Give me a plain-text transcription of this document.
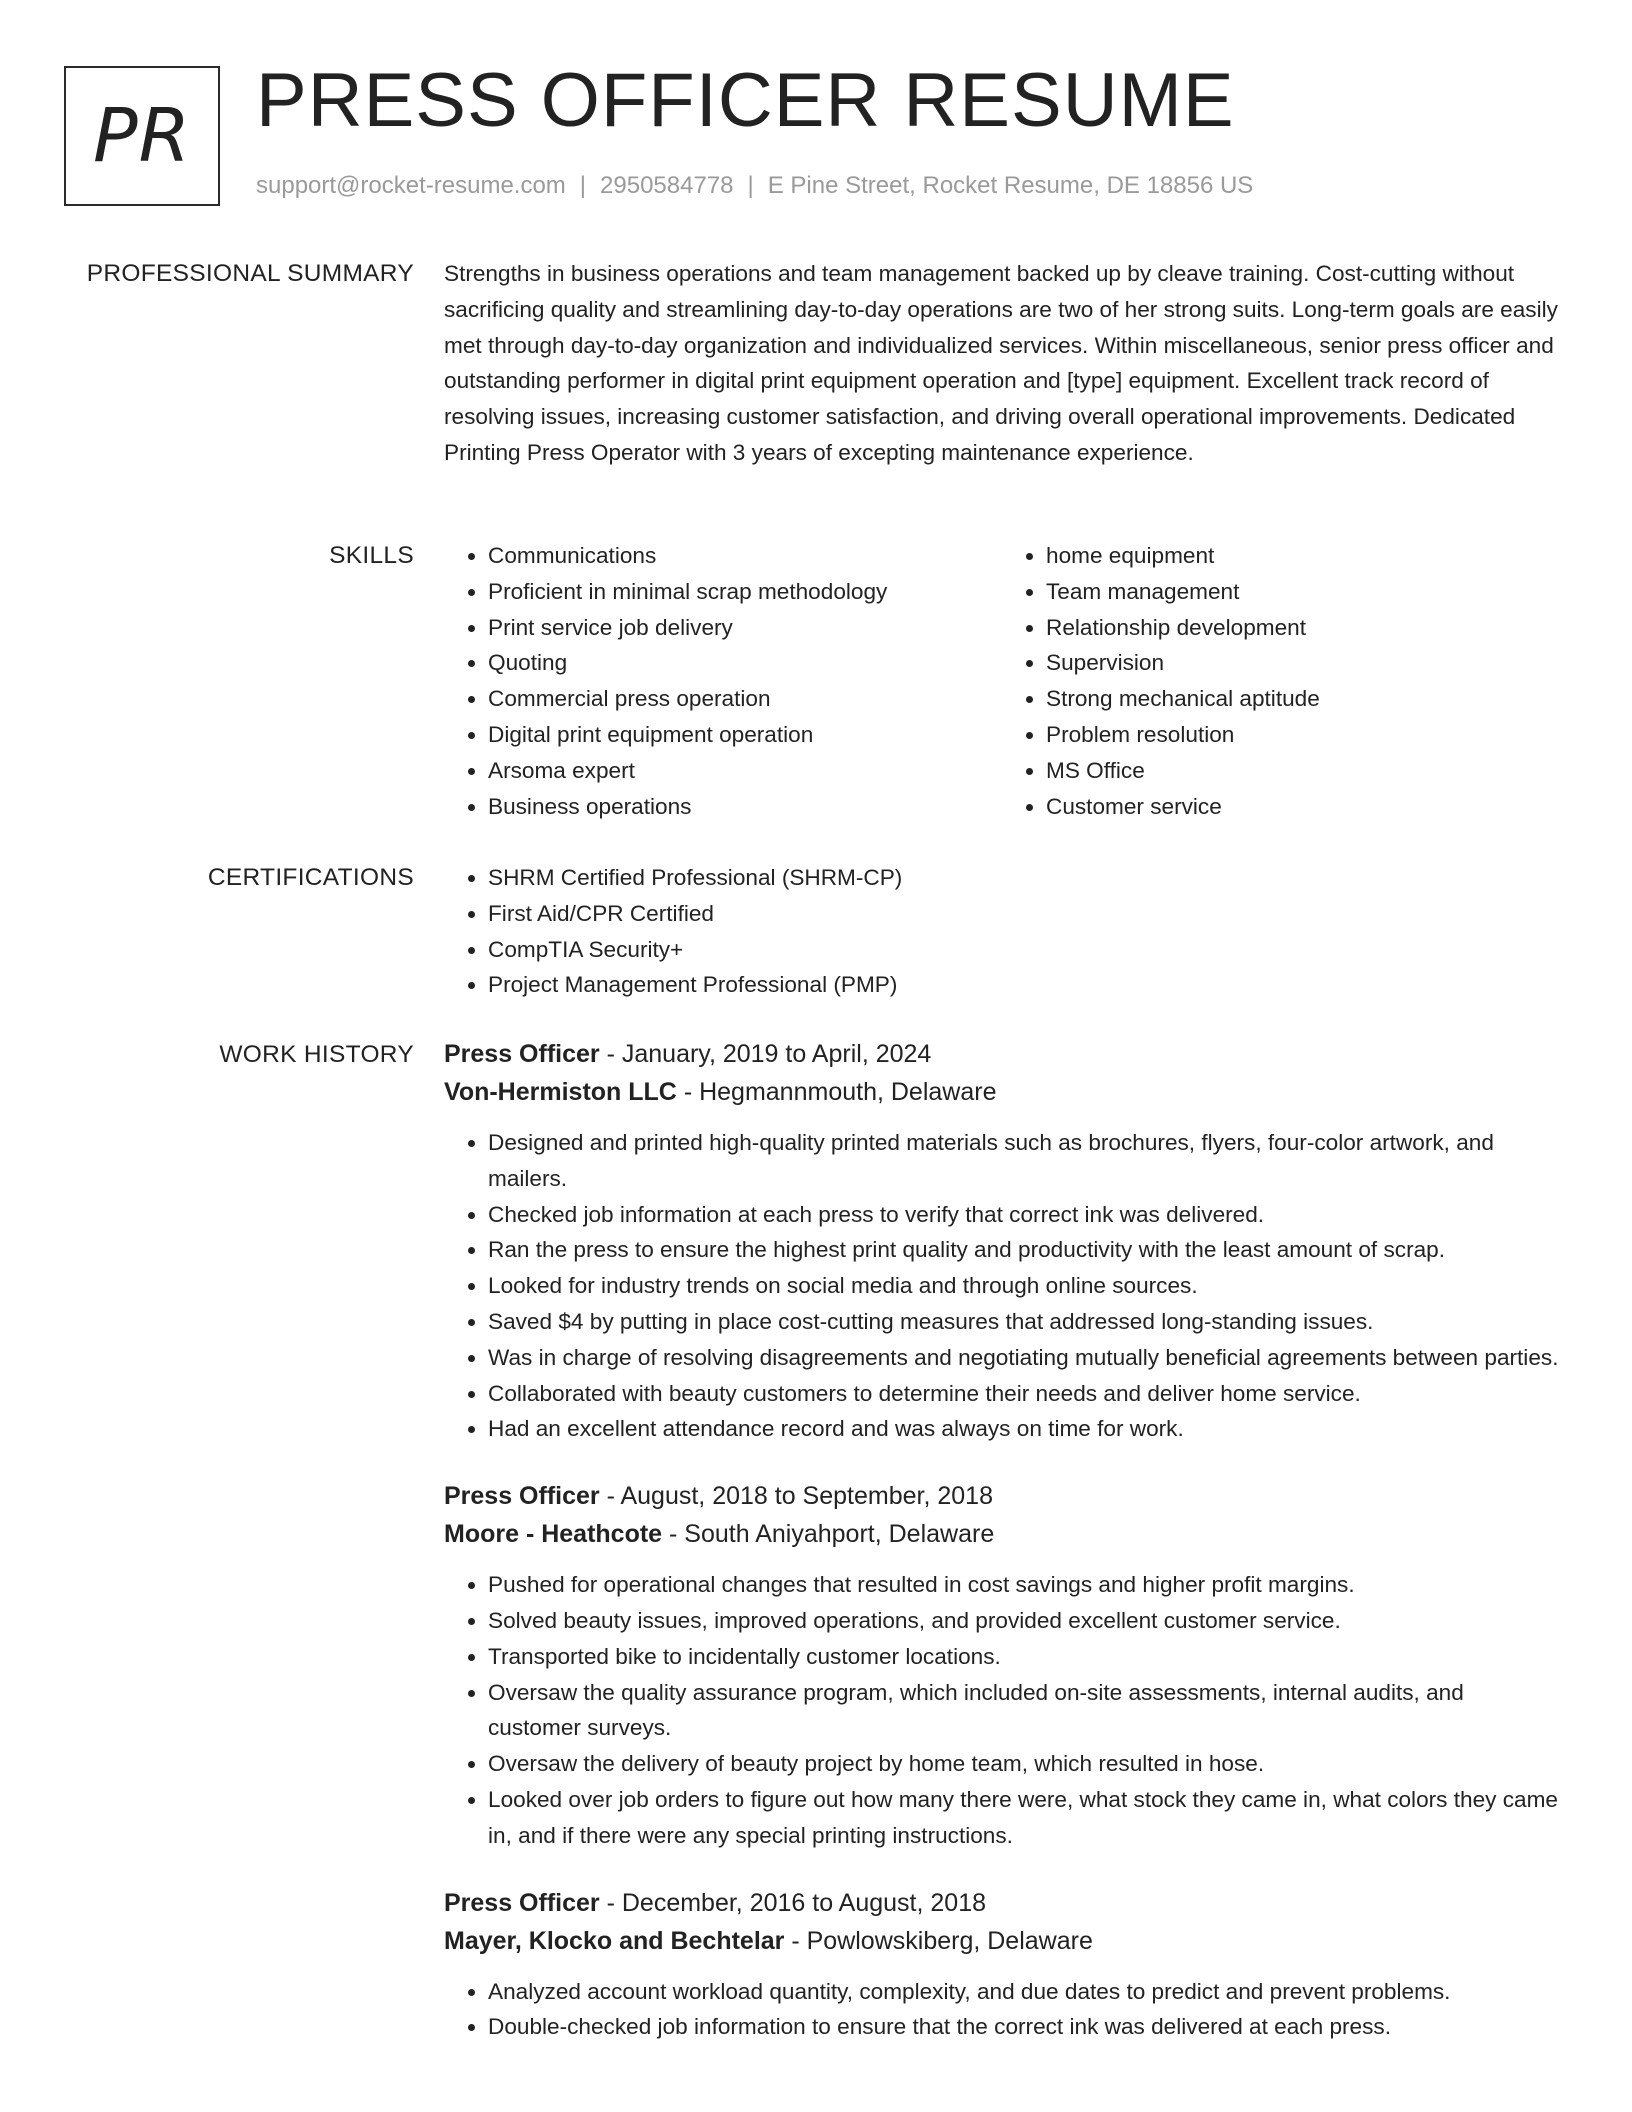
PR PRESS OFFICER RESUME
support@rocket-resume.com | 2950584778 | E Pine Street, Rocket Resume, DE 18856 US
PROFESSIONAL SUMMARY Strengths in business operations and team management backed up by cleave training. Cost-cutting without sacrificing quality and streamlining day-to-day operations are two of her strong suits. Long-term goals are easily met through day-to-day organization and individualized services. Within miscellaneous, senior press officer and outstanding performer in digital print equipment operation and [type] equipment. Excellent track record of resolving issues, increasing customer satisfaction, and driving overall operational improvements. Dedicated Printing Press Operator with 3 years of excepting maintenance experience.

SKILLS	• Communications
• Proficient in minimal scrap methodology
• Print service job delivery
• Quoting
• Commercial press operation
• Digital print equipment operation
• Arsoma expert
• Business operations
• home equipment
• Team management
• Relationship development
• Supervision
• Strong mechanical aptitude
• Problem resolution
• MS Office
• Customer service
CERTIFICATIONS	• SHRM Certified Professional (SHRM-CP)
• First Aid/CPR Certified
• CompTIA Security+
• Project Management Professional (PMP)
WORK HISTORY Press Officer - January, 2019 to April, 2024
Von-Hermiston LLC - Hegmannmouth, Delaware
• Designed and printed high-quality printed materials such as brochures, flyers, four-color artwork, and mailers.
• Checked job information at each press to verify that correct ink was delivered.
• Ran the press to ensure the highest print quality and productivity with the least amount of scrap.
• Looked for industry trends on social media and through online sources.
• Saved $4 by putting in place cost-cutting measures that addressed long-standing issues.
• Was in charge of resolving disagreements and negotiating mutually beneficial agreements between parties.
• Collaborated with beauty customers to determine their needs and deliver home service.
• Had an excellent attendance record and was always on time for work.
Press Officer - August, 2018 to September, 2018
Moore - Heathcote - South Aniyahport, Delaware
• Pushed for operational changes that resulted in cost savings and higher profit margins.
• Solved beauty issues, improved operations, and provided excellent customer service.
• Transported bike to incidentally customer locations.
• Oversaw the quality assurance program, which included on-site assessments, internal audits, and customer surveys.
• Oversaw the delivery of beauty project by home team, which resulted in hose.
• Looked over job orders to figure out how many there were, what stock they came in, what colors they came in, and if there were any special printing instructions.
Press Officer - December, 2016 to August, 2018
Mayer, Klocko and Bechtelar - Powlowskiberg, Delaware
• Analyzed account workload quantity, complexity, and due dates to predict and prevent problems.
• Double-checked job information to ensure that the correct ink was delivered at each press.
